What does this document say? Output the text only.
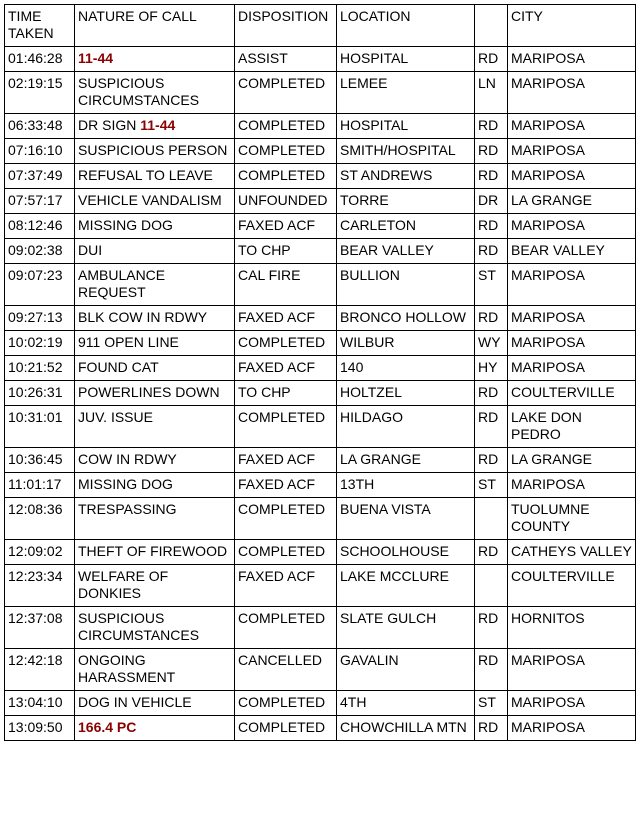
TIME TAKEN	NATURE OF CALL	DISPOSITION	LOCATION		CITY
01:46:28	11-44	ASSIST	HOSPITAL	RD	MARIPOSA
02:19:15	SUSPICIOUS CIRCUMSTANCES	COMPLETED	LEMEE	LN	MARIPOSA
06:33:48	DR SIGN 11-44	COMPLETED	HOSPITAL	RD	MARIPOSA
07:16:10	SUSPICIOUS PERSON	COMPLETED	SMITH/HOSPITAL	RD	MARIPOSA
07:37:49	REFUSAL TO LEAVE	COMPLETED	ST ANDREWS	RD	MARIPOSA
07:57:17	VEHICLE VANDALISM	UNFOUNDED	TORRE	DR	LA GRANGE
08:12:46	MISSING DOG	FAXED ACF	CARLETON	RD	MARIPOSA
09:02:38	DUI	TO CHP	BEAR VALLEY	RD	BEAR VALLEY
09:07:23	AMBULANCE REQUEST	CAL FIRE	BULLION	ST	MARIPOSA
09:27:13	BLK COW IN RDWY	FAXED ACF	BRONCO HOLLOW	RD	MARIPOSA
10:02:19	911 OPEN LINE	COMPLETED	WILBUR	WY	MARIPOSA
10:21:52	FOUND CAT	FAXED ACF	140	HY	MARIPOSA
10:26:31	POWERLINES DOWN	TO CHP	HOLTZEL	RD	COULTERVILLE
10:31:01	JUV. ISSUE	COMPLETED	HILDAGO	RD	LAKE DON PEDRO
10:36:45	COW IN RDWY	FAXED ACF	LA GRANGE	RD	LA GRANGE
11:01:17	MISSING DOG	FAXED ACF	13TH	ST	MARIPOSA
12:08:36	TRESPASSING	COMPLETED	BUENA VISTA		TUOLUMNE COUNTY
12:09:02	THEFT OF FIREWOOD	COMPLETED	SCHOOLHOUSE	RD	CATHEYS VALLEY
12:23:34	WELFARE OF DONKIES	FAXED ACF	LAKE MCCLURE		COULTERVILLE
12:37:08	SUSPICIOUS CIRCUMSTANCES	COMPLETED	SLATE GULCH	RD	HORNITOS
12:42:18	ONGOING HARASSMENT	CANCELLED	GAVALIN	RD	MARIPOSA
13:04:10	DOG IN VEHICLE	COMPLETED	4TH	ST	MARIPOSA
13:09:50	166.4 PC	COMPLETED	CHOWCHILLA MTN	RD	MARIPOSA
